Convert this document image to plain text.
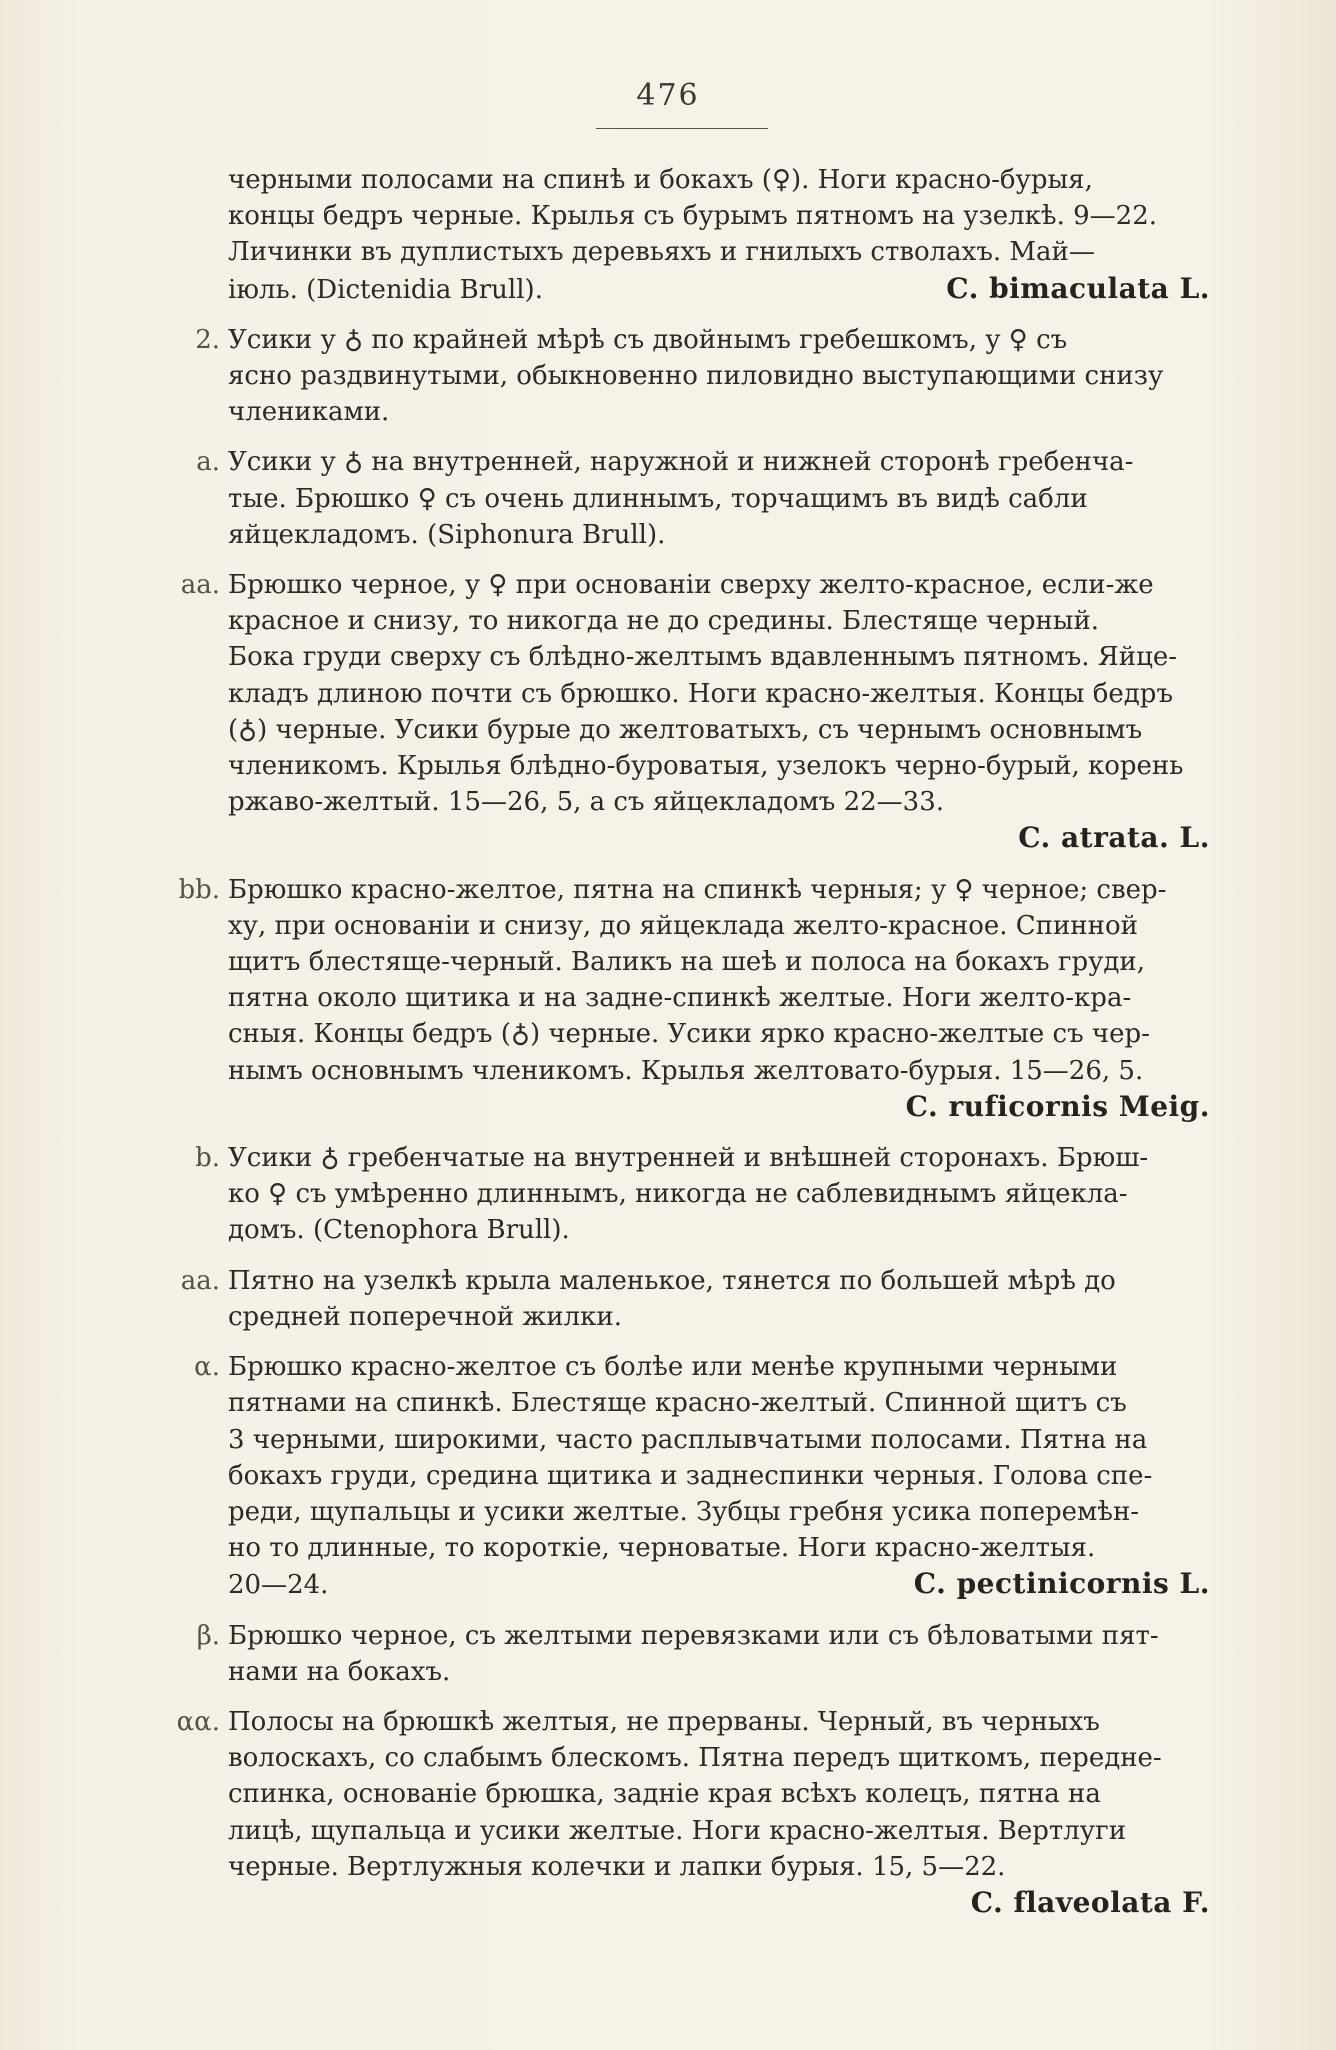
476

черными полосами на спинѣ и бокахъ (♀). Ноги красно-бурыя,

концы бедръ черные. Крылья съ бурымъ пятномъ на узелкѣ. 9—22.

Личинки въ дуплистыхъ деревьяхъ и гнилыхъ стволахъ. Май—

іюль. (Dictenidia Brull).	C. bimaculata L.
2. Усики у ♁ по крайней мѣрѣ съ двойнымъ гребешкомъ, у ♀ съ

ясно раздвинутыми, обыкновенно пиловидно выступающими снизу

члениками.

a. Усики у ♁ на внутренней, наружной и нижней сторонѣ гребенча-

тые. Брюшко ♀ съ очень длиннымъ, торчащимъ въ видѣ сабли

яйцекладомъ. (Siphonura Brull).

aa. Брюшко черное, у ♀ при основаніи сверху желто-красное, если-же

красное и снизу, то никогда не до средины. Блестяще черный.

Бока груди сверху съ блѣдно-желтымъ вдавленнымъ пятномъ. Яйце-

кладъ длиною почти съ брюшко. Ноги красно-желтыя. Концы бедръ

(♁) черные. Усики бурые до желтоватыхъ, съ чернымъ основнымъ

членикомъ. Крылья блѣдно-буроватыя, узелокъ черно-бурый, корень

ржаво-желтый. 15—26, 5, а съ яйцекладомъ 22—33.

C. atrata. L.

bb. Брюшко красно-желтое, пятна на спинкѣ черныя; у ♀ черное; свер-

ху, при основаніи и снизу, до яйцеклада желто-красное. Спинной

щитъ блестяще-черный. Валикъ на шеѣ и полоса на бокахъ груди,

пятна около щитика и на задне-спинкѣ желтые. Ноги желто-кра-

сныя. Концы бедръ (♁) черные. Усики ярко красно-желтые съ чер-

нымъ основнымъ членикомъ. Крылья желтовато-бурыя. 15—26, 5.

C. ruficornis Meig.

b. Усики ♁ гребенчатые на внутренней и внѣшней сторонахъ. Брюш-

ко ♀ съ умѣренно длиннымъ, никогда не саблевиднымъ яйцекла-

домъ. (Ctenophora Brull).

aa. Пятно на узелкѣ крыла маленькое, тянется по большей мѣрѣ до

средней поперечной жилки.

α. Брюшко красно-желтое съ болѣе или менѣе крупными черными

пятнами на спинкѣ. Блестяще красно-желтый. Спинной щитъ съ

3 черными, широкими, часто расплывчатыми полосами. Пятна на

бокахъ груди, средина щитика и заднеспинки черныя. Голова спе-

реди, щупальцы и усики желтые. Зубцы гребня усика поперемѣн-

но то длинные, то короткіе, черноватые. Ноги красно-желтыя.

20—24.	C. pectinicornis L.
β. Брюшко черное, съ желтыми перевязками или съ бѣловатыми пят-

нами на бокахъ.

αα. Полосы на брюшкѣ желтыя, не прерваны. Черный, въ черныхъ

волоскахъ, со слабымъ блескомъ. Пятна передъ щиткомъ, передне-

спинка, основаніе брюшка, задніе края всѣхъ колецъ, пятна на

лицѣ, щупальца и усики желтые. Ноги красно-желтыя. Вертлуги

черные. Вертлужныя колечки и лапки бурыя. 15, 5—22.

C. flaveolata F.
